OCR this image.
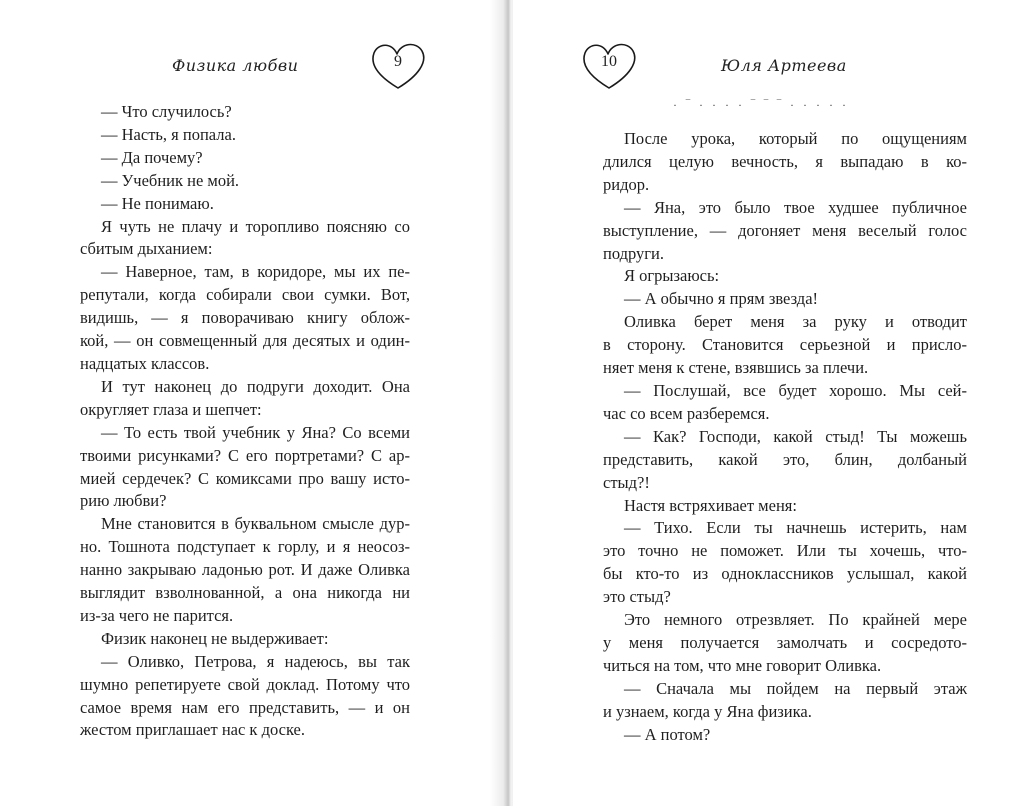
Физика любви	9

— Что случилось?

— Насть, я попала.

— Да почему?

— Учебник не мой.

— Не понимаю.

Я чуть не плачу и торопливо поясняю со
сбитым дыханием:

— Наверное, там, в коридоре, мы их пе-
репутали, когда собирали свои сумки. Вот,
видишь, — я поворачиваю книгу облож-
кой, — он совмещенный для десятых и один-
надцатых классов.

И тут наконец до подруги доходит. Она
округляет глаза и шепчет:

— То есть твой учебник у Яна? Со всеми
твоими рисунками? С его портретами? С ар-
мией сердечек? С комиксами про вашу исто-
рию любви?

Мне становится в буквальном смысле дур-
но. Тошнота подступает к горлу, и я неосоз-
нанно закрываю ладонью рот. И даже Оливка
выглядит взволнованной, а она никогда ни
из-за чего не парится.

Физик наконец не выдерживает:

— Оливко, Петрова, я надеюсь, вы так
шумно репетируете свой доклад. Потому что
самое время нам его представить, — и он
жестом приглашает нас к доске.

10	Юля Артеева
· ‾ · · · · ‾ ‾ ‾ · · · · ·

После урока, который по ощущениям
длился целую вечность, я выпадаю в ко-
ридор.

— Яна, это было твое худшее публичное
выступление, — догоняет меня веселый голос
подруги.

Я огрызаюсь:

— А обычно я прям звезда!

Оливка берет меня за руку и отводит
в сторону. Становится серьезной и присло-
няет меня к стене, взявшись за плечи.

— Послушай, все будет хорошо. Мы сей-
час со всем разберемся.

— Как? Господи, какой стыд! Ты можешь
представить, какой это, блин, долбаный
стыд?!

Настя встряхивает меня:

— Тихо. Если ты начнешь истерить, нам
это точно не поможет. Или ты хочешь, что-
бы кто-то из одноклассников услышал, какой
это стыд?

Это немного отрезвляет. По крайней мере
у меня получается замолчать и сосредото-
читься на том, что мне говорит Оливка.

— Сначала мы пойдем на первый этаж
и узнаем, когда у Яна физика.

— А потом?
